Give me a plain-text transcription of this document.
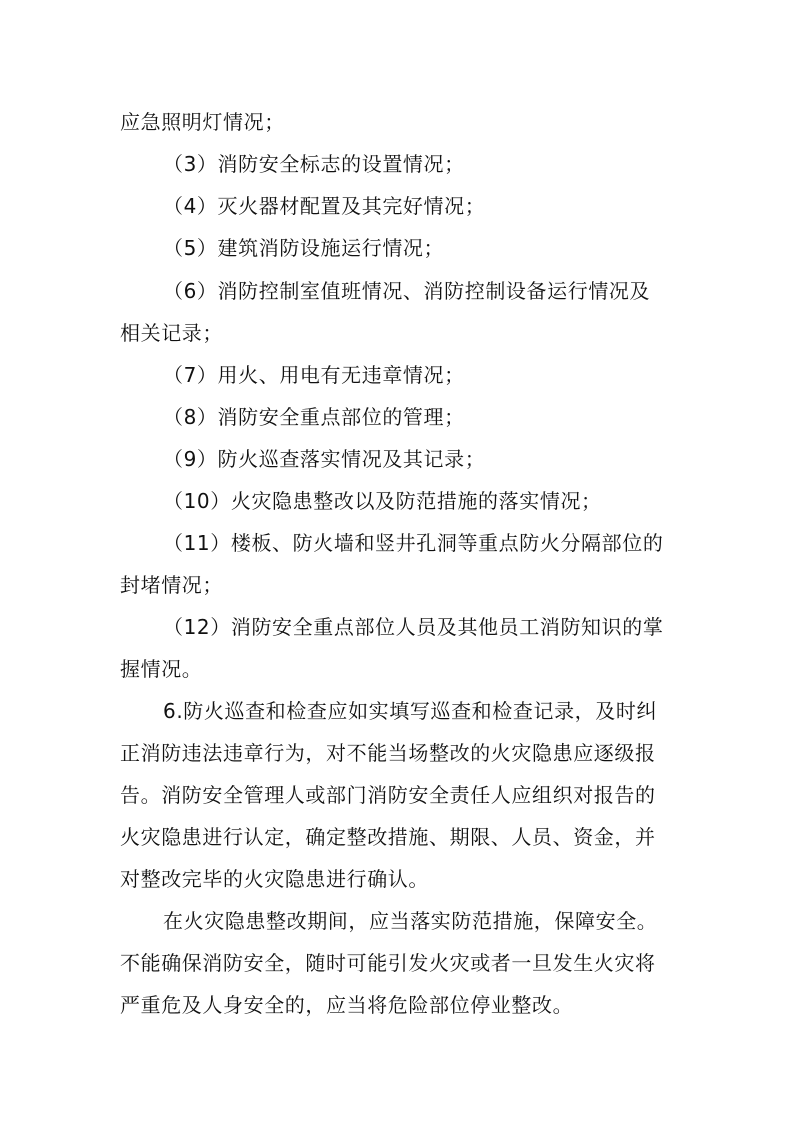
应急照明灯情况；
（3）消防安全标志的设置情况；
（4）灭火器材配置及其完好情况；
（5）建筑消防设施运行情况；
（6）消防控制室值班情况、消防控制设备运行情况及
相关记录；
（7）用火、用电有无违章情况；
（8）消防安全重点部位的管理；
（9）防火巡查落实情况及其记录；
（10）火灾隐患整改以及防范措施的落实情况；
（11）楼板、防火墙和竖井孔洞等重点防火分隔部位的
封堵情况；
（12）消防安全重点部位人员及其他员工消防知识的掌
握情况。
6.防火巡查和检查应如实填写巡查和检查记录，及时纠
正消防违法违章行为，对不能当场整改的火灾隐患应逐级报
告。消防安全管理人或部门消防安全责任人应组织对报告的
火灾隐患进行认定，确定整改措施、期限、人员、资金，并
对整改完毕的火灾隐患进行确认。
在火灾隐患整改期间，应当落实防范措施，保障安全。
不能确保消防安全，随时可能引发火灾或者一旦发生火灾将
严重危及人身安全的，应当将危险部位停业整改。
